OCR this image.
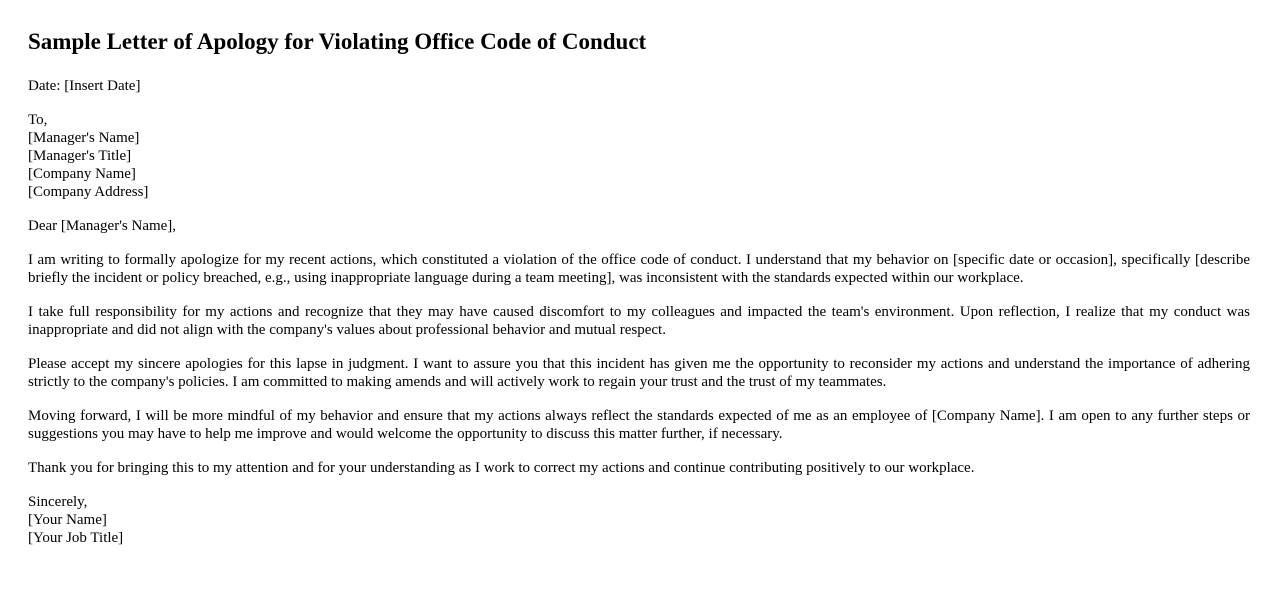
Sample Letter of Apology for Violating Office Code of Conduct

Date: [Insert Date]

To,
[Manager's Name]
[Manager's Title]
[Company Name]
[Company Address]

Dear [Manager's Name],

I am writing to formally apologize for my recent actions, which constituted a violation of the office code of conduct. I understand that my behavior on [specific date or occasion], specifically [describe briefly the incident or policy breached, e.g., using inappropriate language during a team meeting], was inconsistent with the standards expected within our workplace.

I take full responsibility for my actions and recognize that they may have caused discomfort to my colleagues and impacted the team's environment. Upon reflection, I realize that my conduct was inappropriate and did not align with the company's values about professional behavior and mutual respect.

Please accept my sincere apologies for this lapse in judgment. I want to assure you that this incident has given me the opportunity to reconsider my actions and understand the importance of adhering strictly to the company's policies. I am committed to making amends and will actively work to regain your trust and the trust of my teammates.

Moving forward, I will be more mindful of my behavior and ensure that my actions always reflect the standards expected of me as an employee of [Company Name]. I am open to any further steps or suggestions you may have to help me improve and would welcome the opportunity to discuss this matter further, if necessary.

Thank you for bringing this to my attention and for your understanding as I work to correct my actions and continue contributing positively to our workplace.

Sincerely,
[Your Name]
[Your Job Title]
